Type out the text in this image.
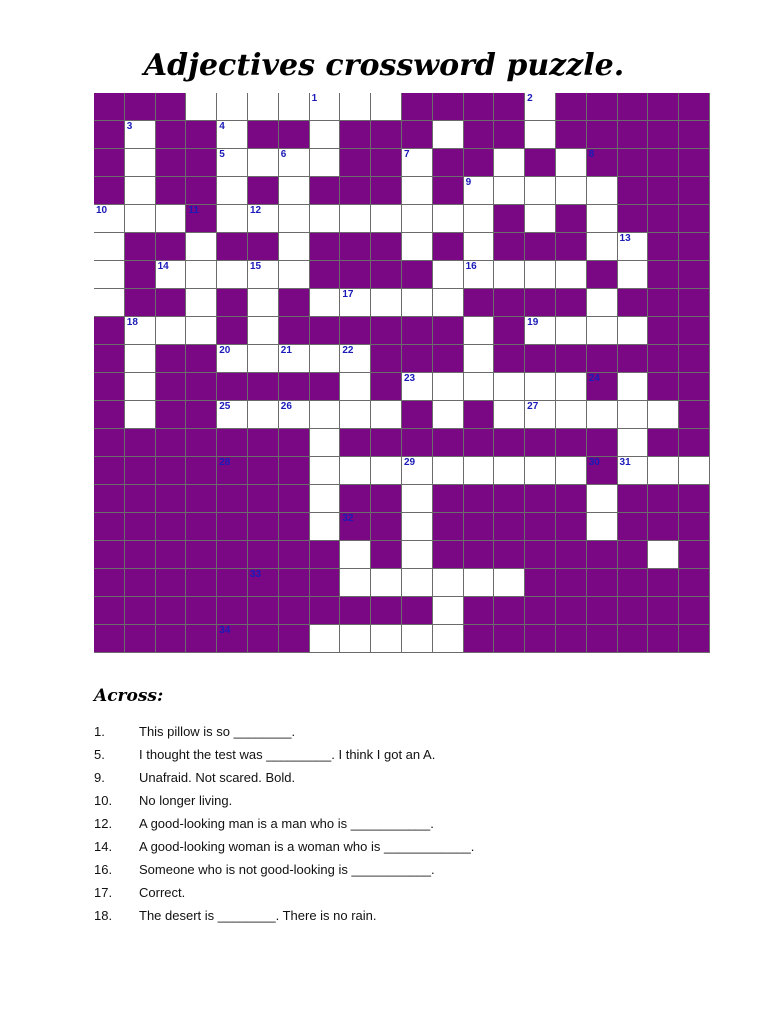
Adjectives crossword puzzle.
1	2
3	4
5	6	7	8
9
10	11	12
13
14	15	16
17
18	19
20	21	22
23	24
25	26	27
28	29	30 31
32
33
34
Across:
1.	This pillow is so ________.
5.	I thought the test was _________. I think I got an A.
9.	Unafraid. Not scared. Bold.
10. No longer living.
12. A good-looking man is a man who is ___________.
14. A good-looking woman is a woman who is ____________.
16. Someone who is not good-looking is ___________.
17. Correct.
18. The desert is ________. There is no rain.
